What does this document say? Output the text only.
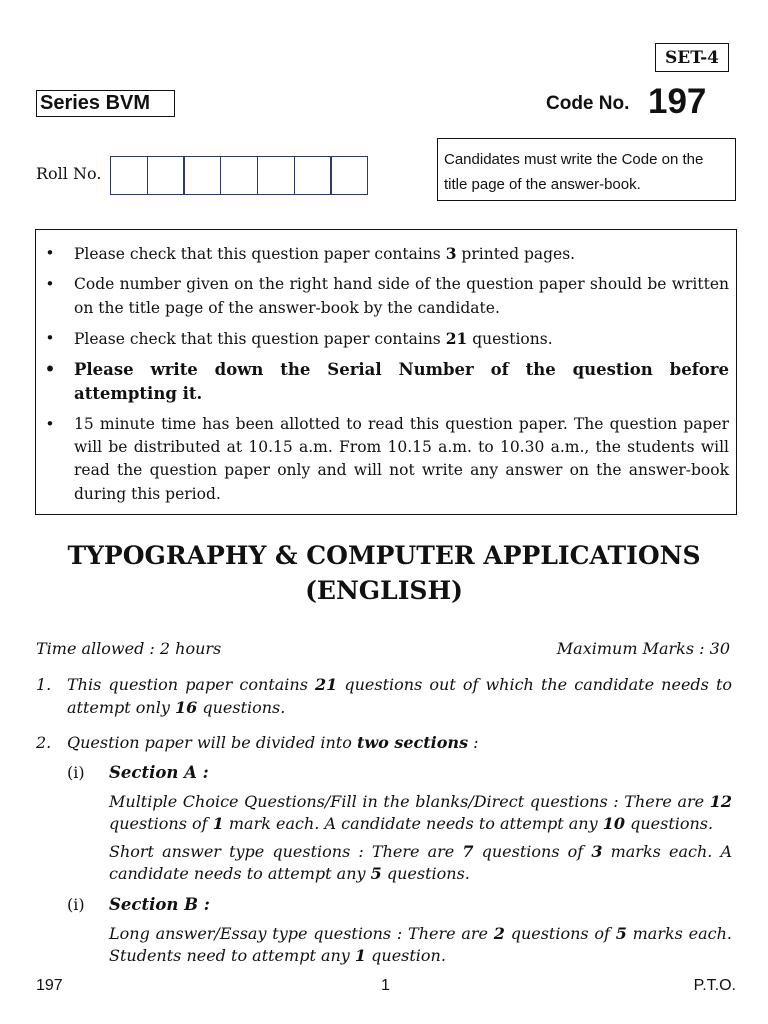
SET-4
Series BVM	Code No. 197
Roll No.
Candidates must write the Code on the title page of the answer-book.
• Please check that this question paper contains 3 printed pages.
• Code number given on the right hand side of the question paper should be written on the title page of the answer-book by the candidate.
• Please check that this question paper contains 21 questions.
• Please write down the Serial Number of the question before attempting it.
• 15 minute time has been allotted to read this question paper. The question paper will be distributed at 10.15 a.m. From 10.15 a.m. to 10.30 a.m., the students will read the question paper only and will not write any answer on the answer-book during this period.
TYPOGRAPHY & COMPUTER APPLICATIONS
(ENGLISH)
Time allowed : 2 hours	Maximum Marks : 30
1. This question paper contains 21 questions out of which the candidate needs to attempt only 16 questions.
2. Question paper will be divided into two sections :
(i) Section A :
Multiple Choice Questions/Fill in the blanks/Direct questions : There are 12 questions of 1 mark each. A candidate needs to attempt any 10 questions.
Short answer type questions : There are 7 questions of 3 marks each. A candidate needs to attempt any 5 questions.
(i) Section B :
Long answer/Essay type questions : There are 2 questions of 5 marks each. Students need to attempt any 1 question.
197	1	P.T.O.
